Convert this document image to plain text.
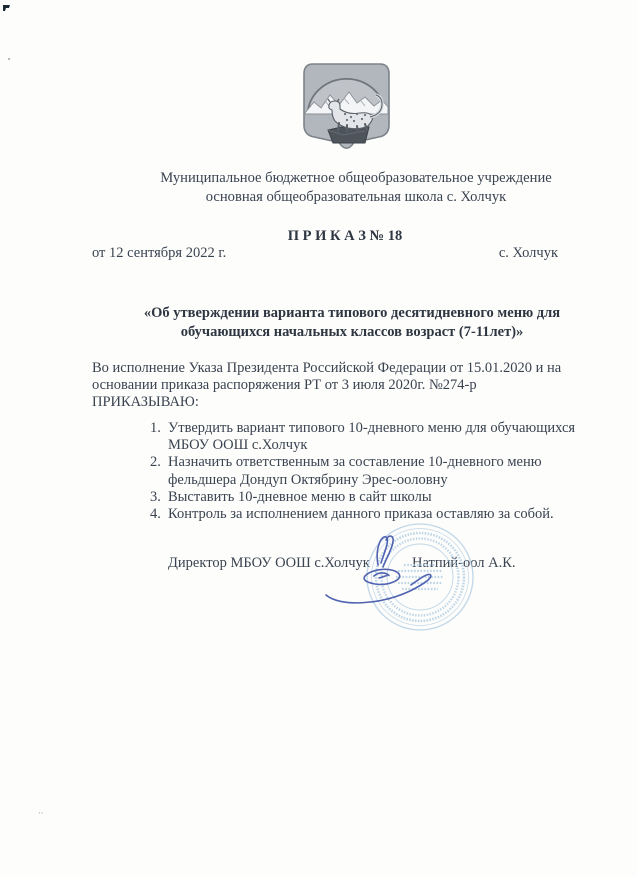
Муниципальное бюджетное общеобразовательное учреждение
основная общеобразовательная школа с. Холчук
П Р И К А З № 18
от 12 сентября 2022 г.	с. Холчук
«Об утверждении варианта типового десятидневного меню для
обучающихся начальных классов возраст (7-11лет)»
Во исполнение Указа Президента Российской Федерации от 15.01.2020 и на
основании приказа распоряжения РТ от 3 июля 2020г. №274-р
ПРИКАЗЫВАЮ:
1. Утвердить вариант типового 10-дневного меню для обучающихся
МБОУ ООШ с.Холчук
2. Назначить ответственным за составление 10-дневного меню
фельдшера Дондуп Октябрину Эрес-ооловну
3. Выставить 10-дневное меню в сайт школы
4. Контроль за исполнением данного приказа оставляю за собой.
Директор МБОУ ООШ с.Холчук	Натпий-оол А.К.
‚‚
